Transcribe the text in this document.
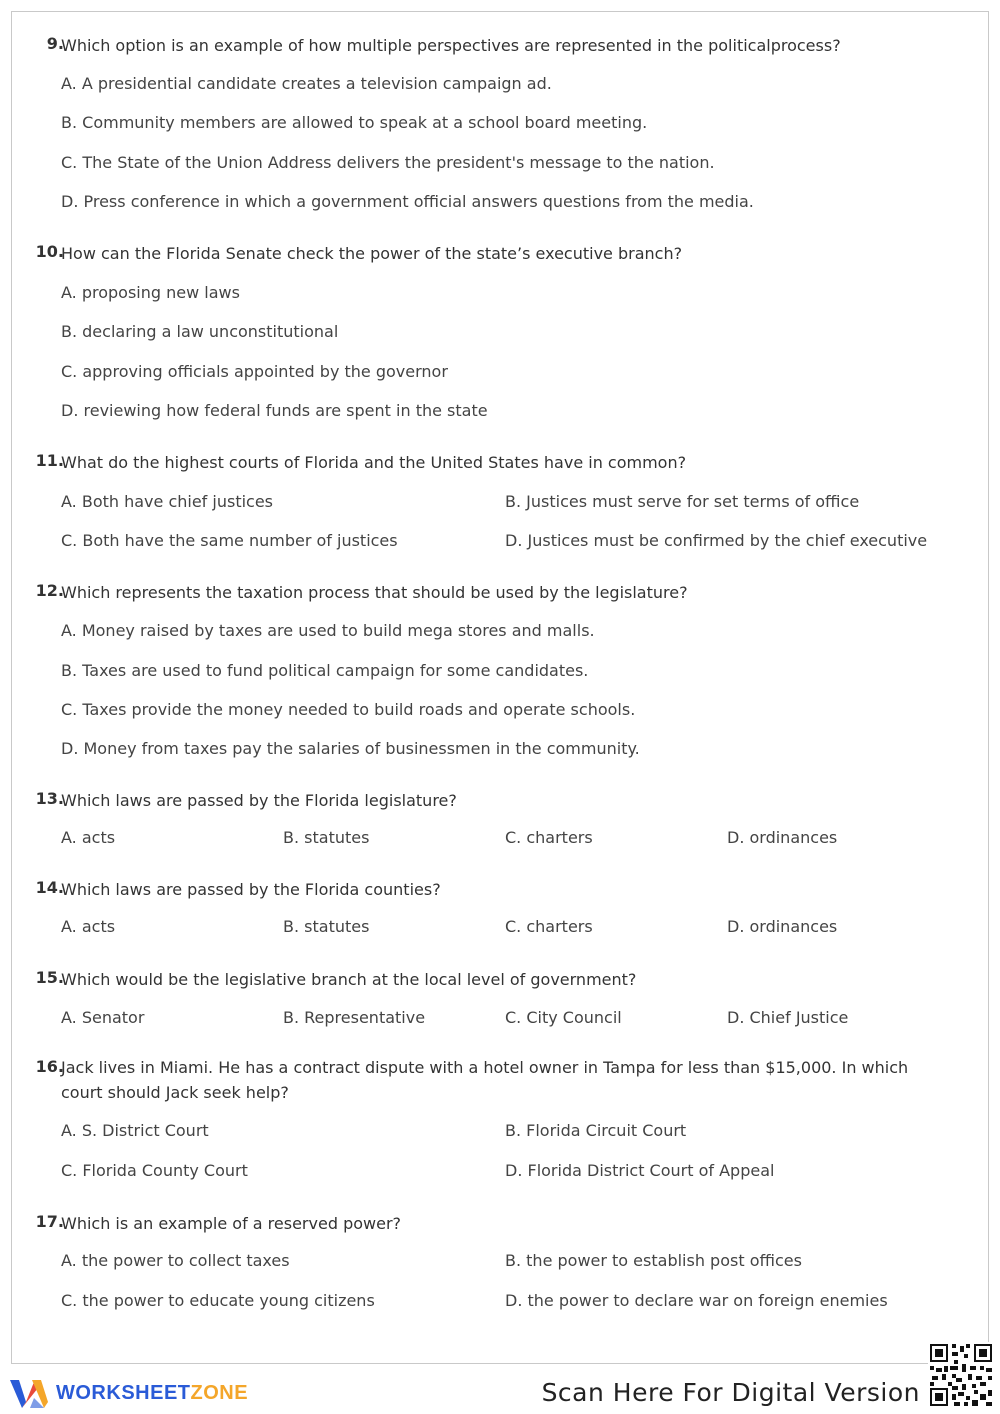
9.
Which option is an example of how multiple perspectives are represented in the politicalprocess?
A. A presidential candidate creates a television campaign ad.
B. Community members are allowed to speak at a school board meeting.
C. The State of the Union Address delivers the president's message to the nation.
D. Press conference in which a government official answers questions from the media.
10.
How can the Florida Senate check the power of the state’s executive branch?
A. proposing new laws
B. declaring a law unconstitutional
C. approving officials appointed by the governor
D. reviewing how federal funds are spent in the state
11.
What do the highest courts of Florida and the United States have in common?
A. Both have chief justices	B. Justices must serve for set terms of office
C. Both have the same number of justices	D. Justices must be confirmed by the chief executive
12.
Which represents the taxation process that should be used by the legislature?
A. Money raised by taxes are used to build mega stores and malls.
B. Taxes are used to fund political campaign for some candidates.
C. Taxes provide the money needed to build roads and operate schools.
D. Money from taxes pay the salaries of businessmen in the community.
13.
Which laws are passed by the Florida legislature?
A. acts	B. statutes	C. charters	D. ordinances
14.
Which laws are passed by the Florida counties?
A. acts	B. statutes	C. charters	D. ordinances
15.
Which would be the legislative branch at the local level of government?
A. Senator	B. Representative	C. City Council	D. Chief Justice
16.
Jack lives in Miami. He has a contract dispute with a hotel owner in Tampa for less than $15,000. In which court should Jack seek help?
A. S. District Court	B. Florida Circuit Court
C. Florida County Court	D. Florida District Court of Appeal
17.
Which is an example of a reserved power?
A. the power to collect taxes	B. the power to establish post offices
C. the power to educate young citizens	D. the power to declare war on foreign enemies
WORKSHEETZONE	Scan Here For Digital Version
